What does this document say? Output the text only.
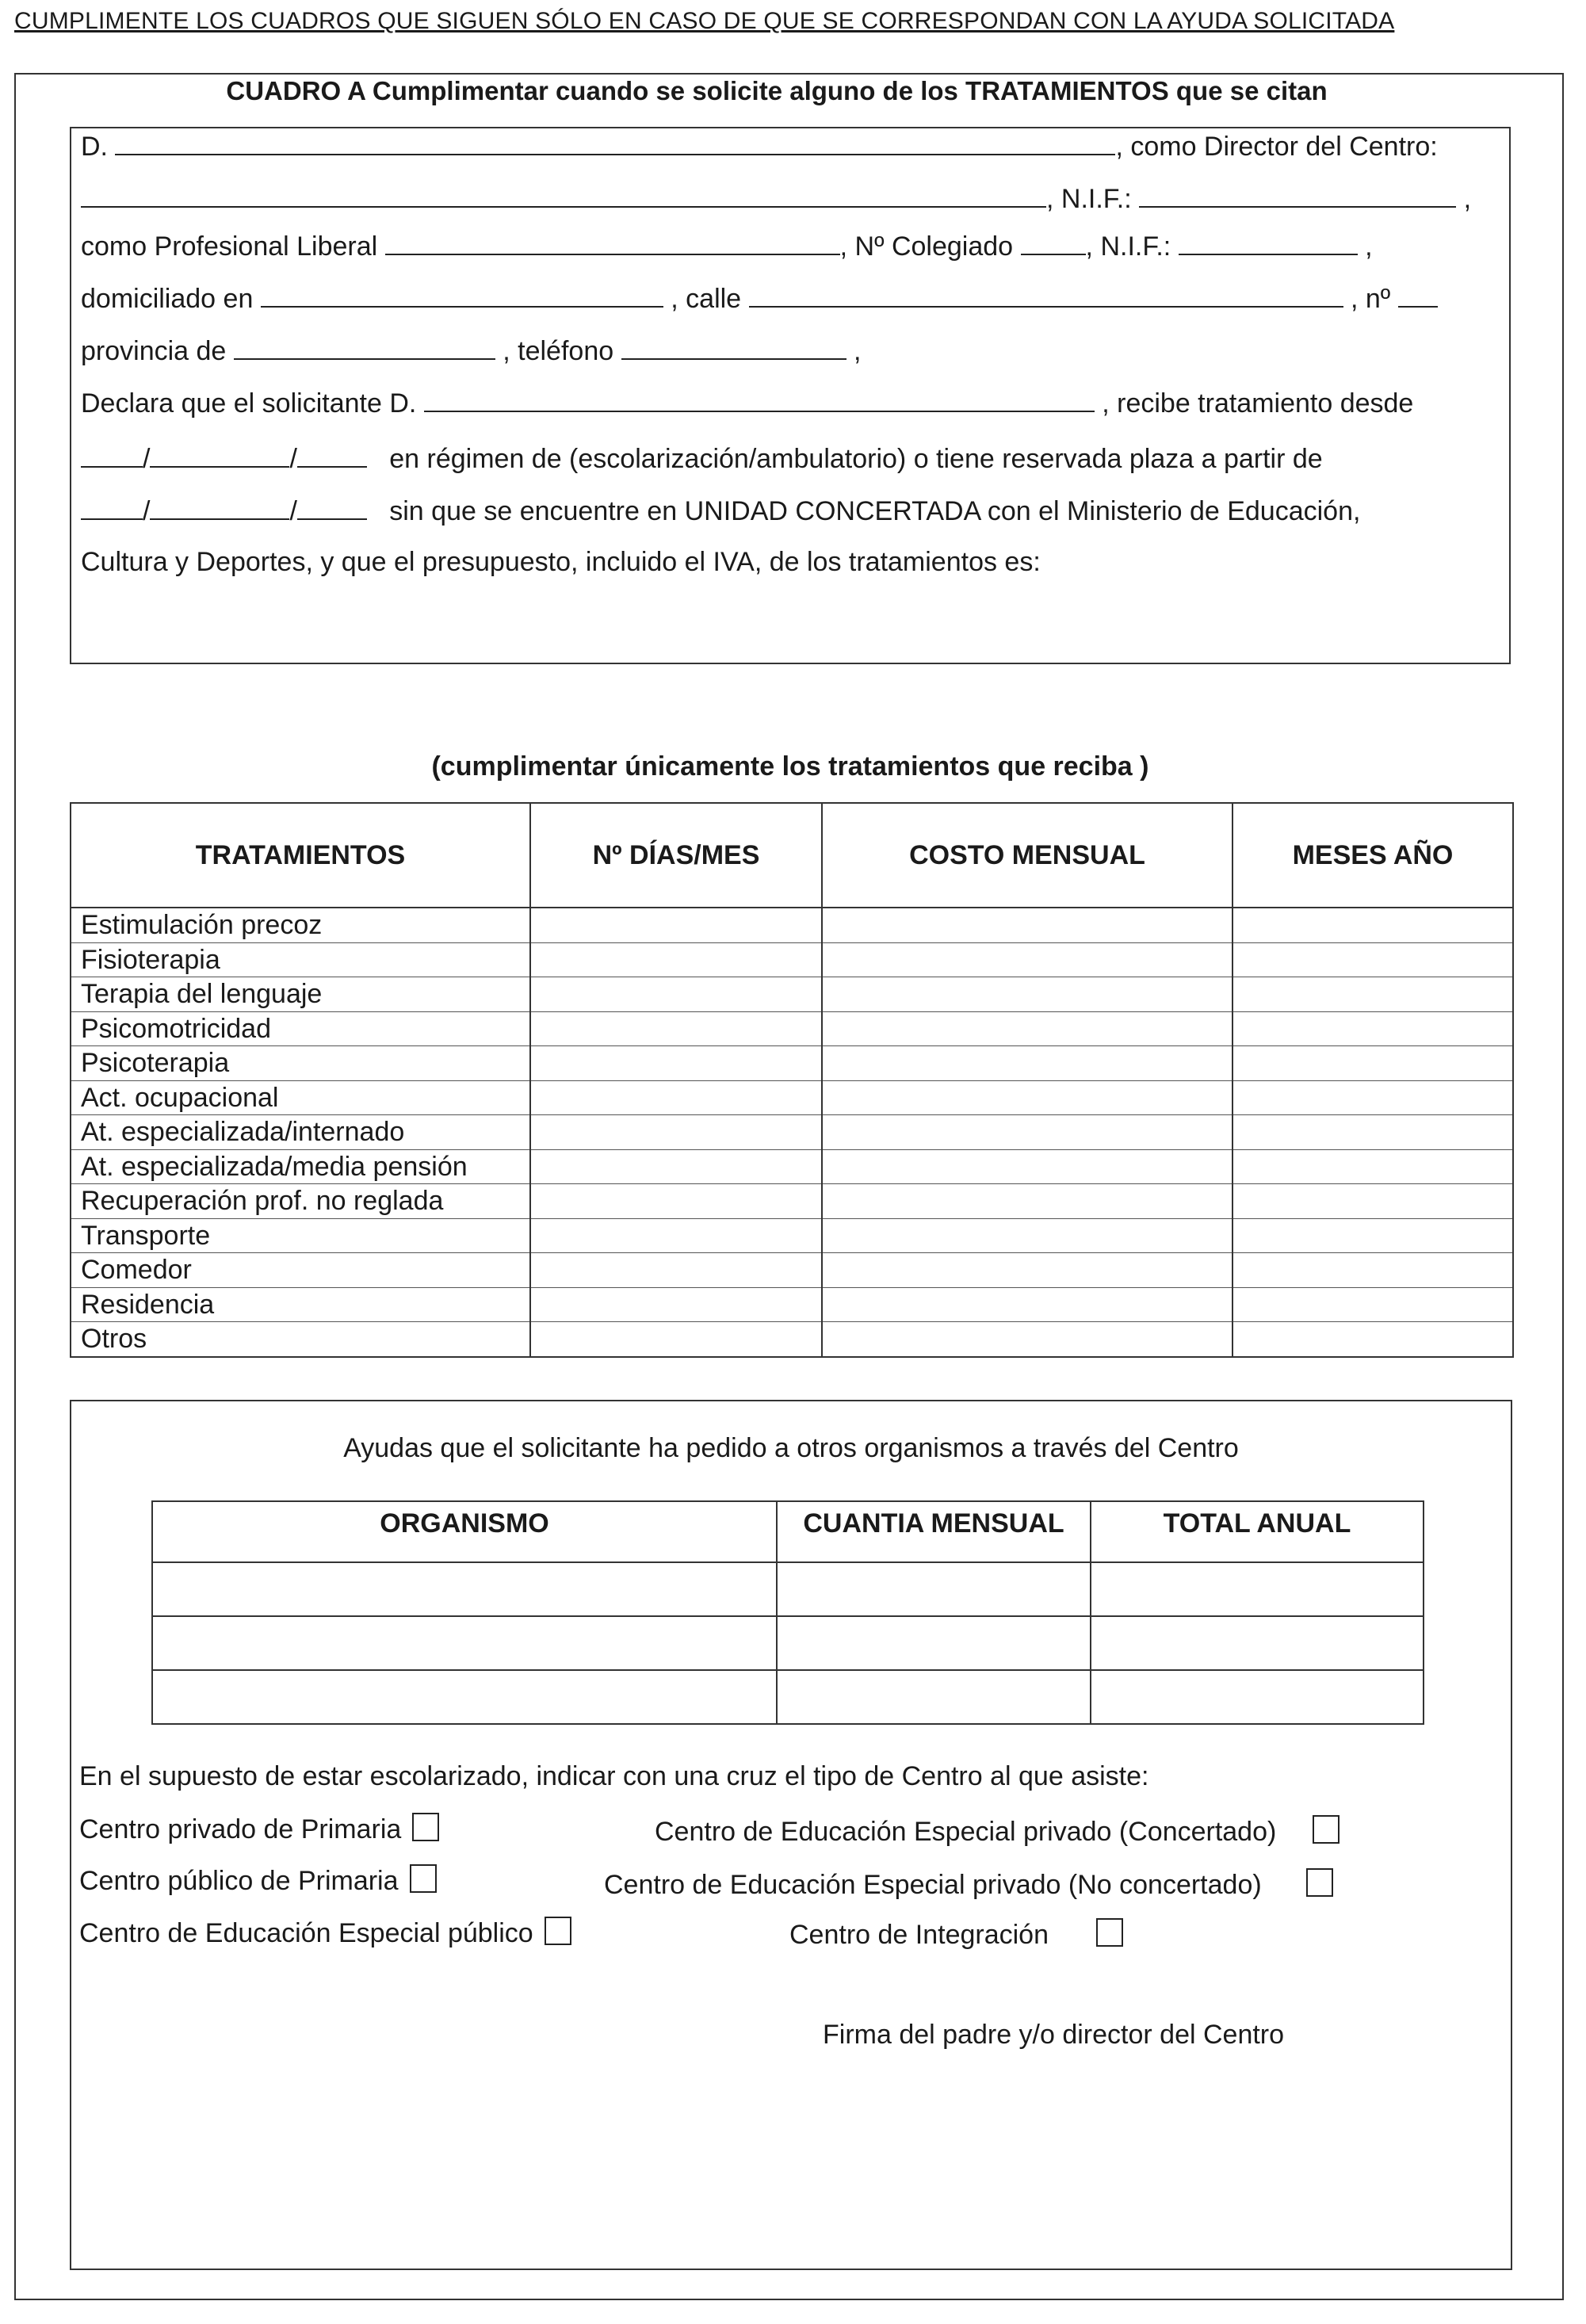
CUMPLIMENTE LOS CUADROS QUE SIGUEN SÓLO EN CASO DE QUE SE CORRESPONDAN CON LA AYUDA SOLICITADA
CUADRO A Cumplimentar cuando se solicite alguno de los TRATAMIENTOS que se citan
D.	, como Director del Centro:
, N.I.F.:	,
como Profesional Liberal	, Nº Colegiado	, N.I.F.:	,
domiciliado en	, calle	, nº
provincia de	, teléfono	,
Declara que el solicitante D.	, recibe tratamiento desde
/	/	en régimen de (escolarización/ambulatorio) o tiene reservada plaza a partir de
/	/	sin que se encuentre en UNIDAD CONCERTADA con el Ministerio de Educación,
Cultura y Deportes, y que el presupuesto, incluido el IVA, de los tratamientos es:
(cumplimentar únicamente los tratamientos que reciba )
TRATAMIENTOS	Nº DÍAS/MES	COSTO MENSUAL	MESES AÑO
Estimulación precoz			
Fisioterapia			
Terapia del lenguaje			
Psicomotricidad			
Psicoterapia			
Act. ocupacional			
At. especializada/internado			
At. especializada/media pensión			
Recuperación prof. no reglada			
Transporte			
Comedor			
Residencia			
Otros			
Ayudas que el solicitante ha pedido a otros organismos a través del Centro
ORGANISMO	CUANTIA MENSUAL	TOTAL ANUAL

En el supuesto de estar escolarizado, indicar con una cruz el tipo de Centro al que asiste:
Centro privado de Primaria	Centro de Educación Especial privado (Concertado)
Centro público de Primaria	Centro de Educación Especial privado (No concertado)
Centro de Educación Especial público	Centro de Integración
Firma del padre y/o director del Centro
